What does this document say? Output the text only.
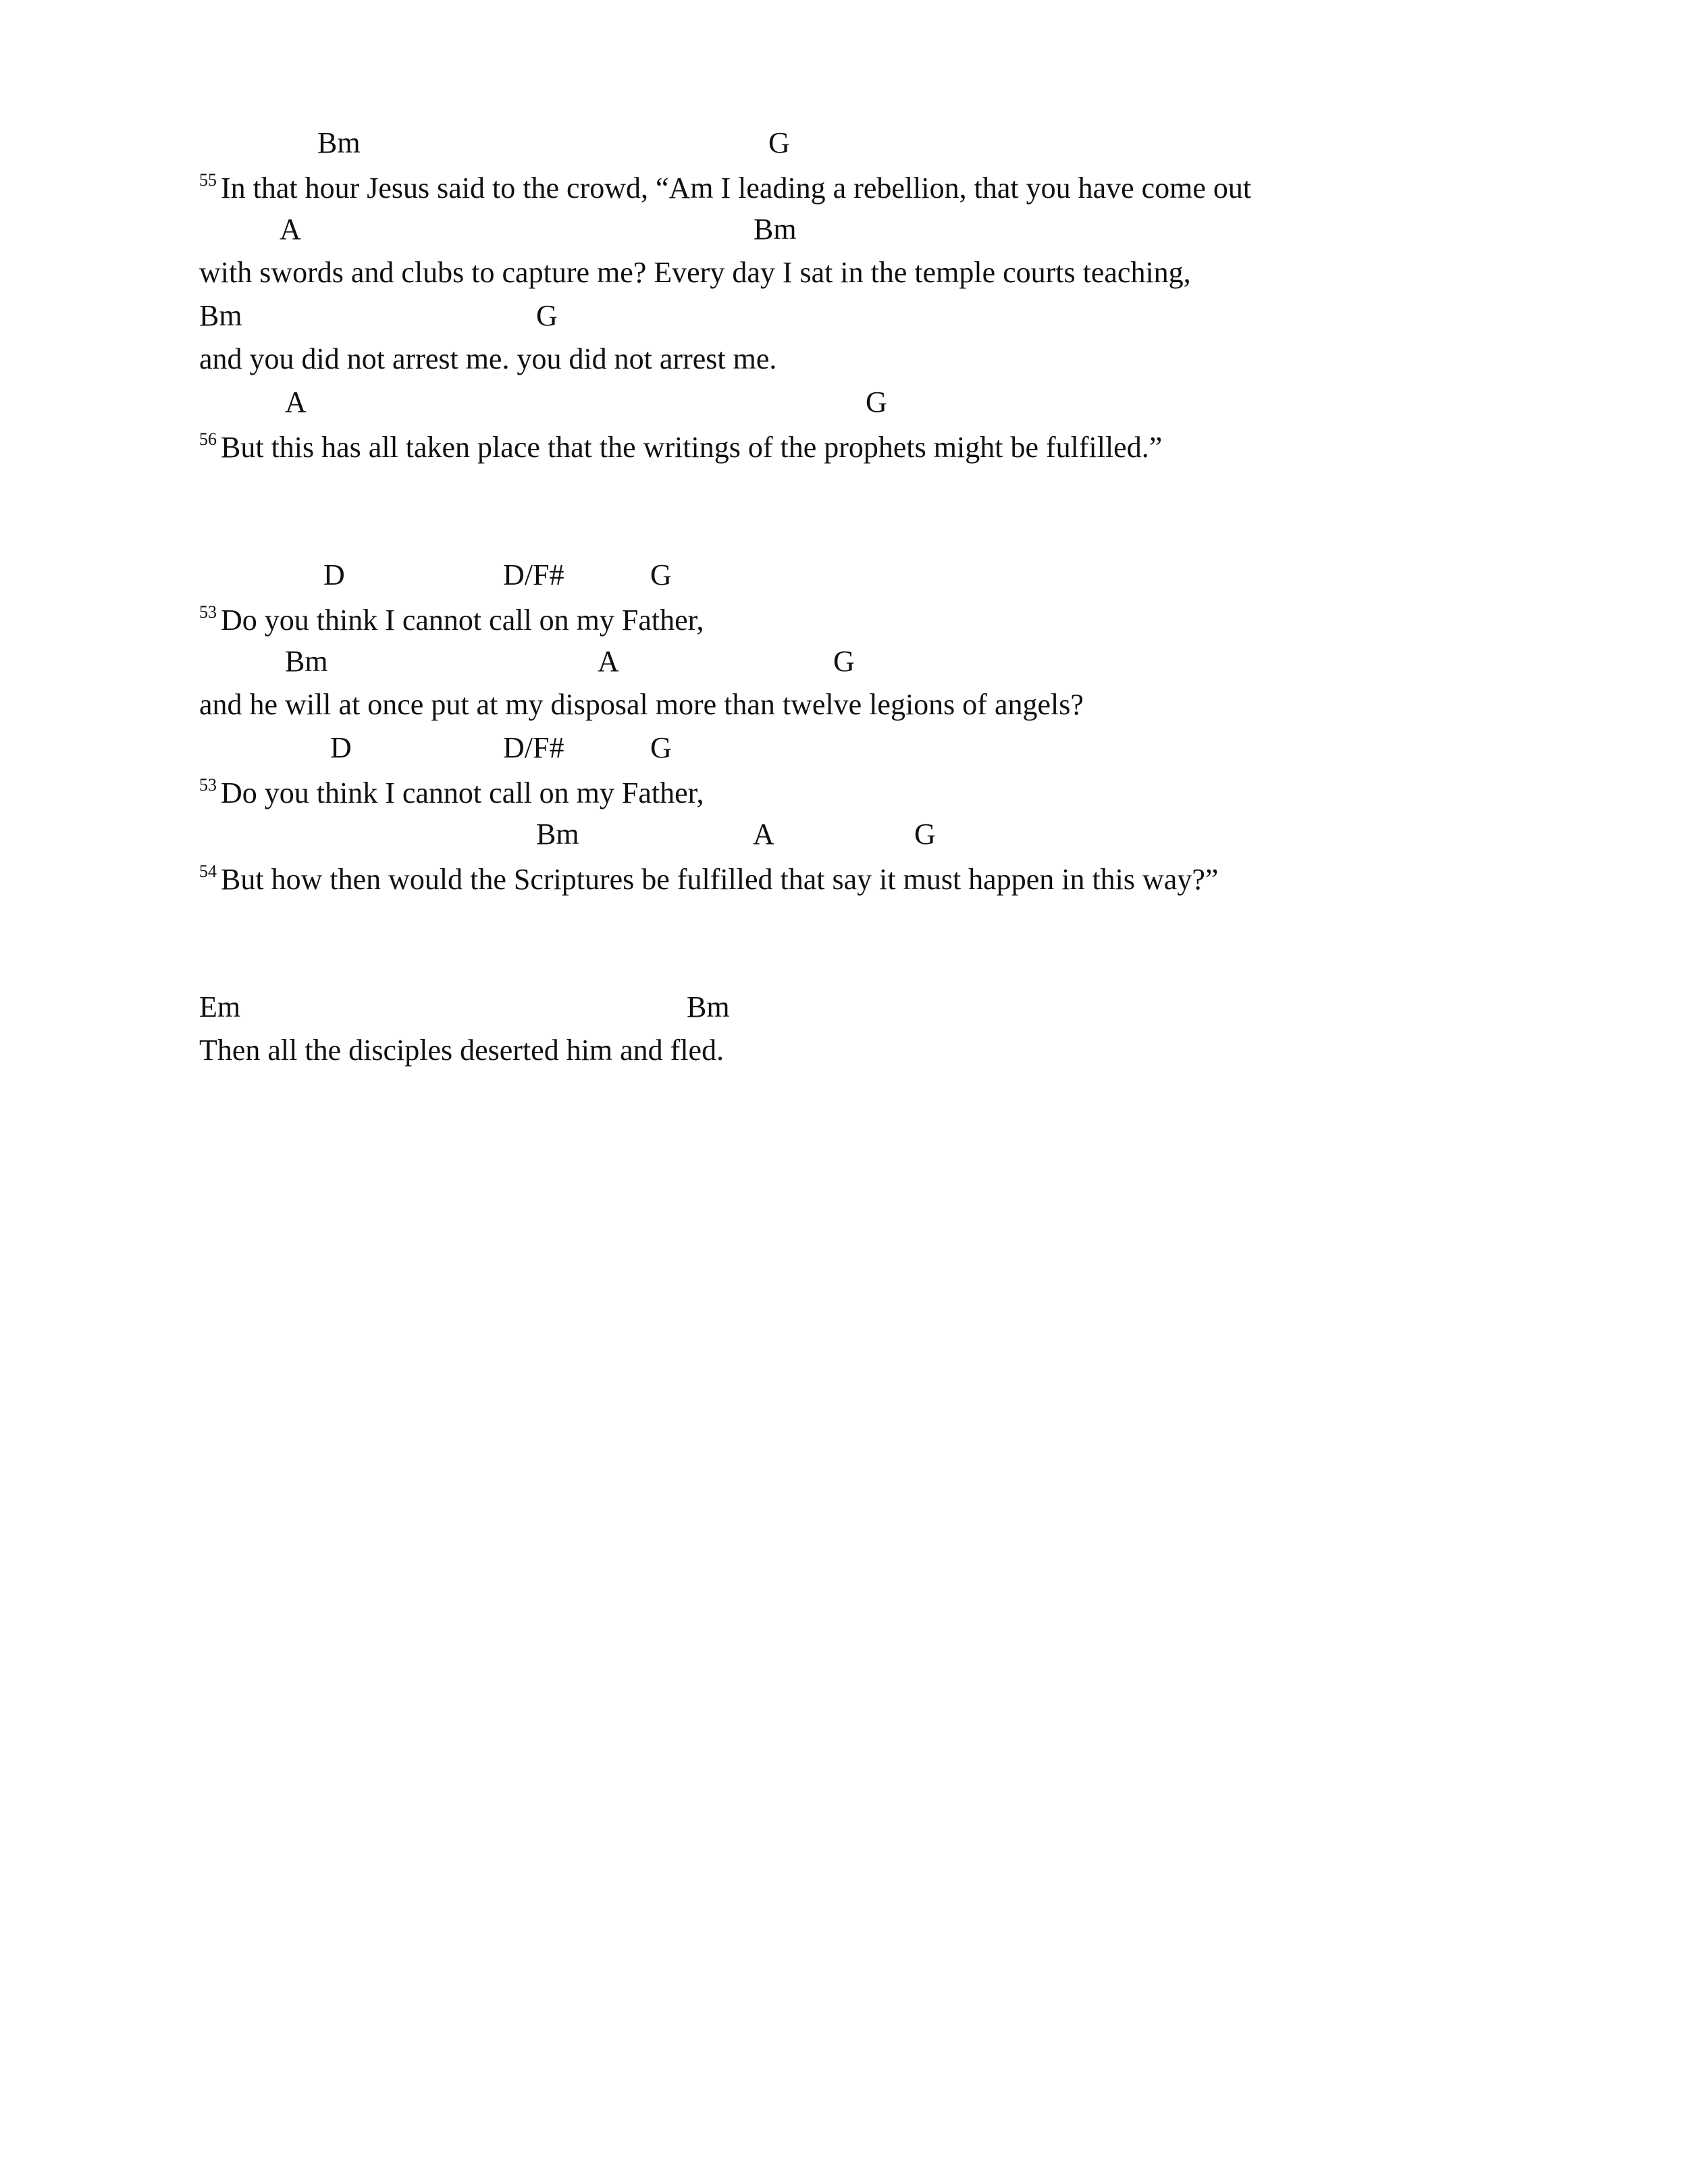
Bm	G
$^{55}$ In that hour Jesus said to the crowd, “Am I leading a rebellion, that you have come out
A	Bm
with swords and clubs to capture me? Every day I sat in the temple courts teaching,
Bm	G
and you did not arrest me. you did not arrest me.
A	G
$^{56}$ But this has all taken place that the writings of the prophets might be fulfilled.”
D	D/F#	G
$^{53}$ Do you think I cannot call on my Father,
Bm	A	G
and he will at once put at my disposal more than twelve legions of angels?
D	D/F#	G
$^{53}$ Do you think I cannot call on my Father,
Bm	A	G
$^{54}$ But how then would the Scriptures be fulfilled that say it must happen in this way?”
Em	Bm
Then all the disciples deserted him and fled.
